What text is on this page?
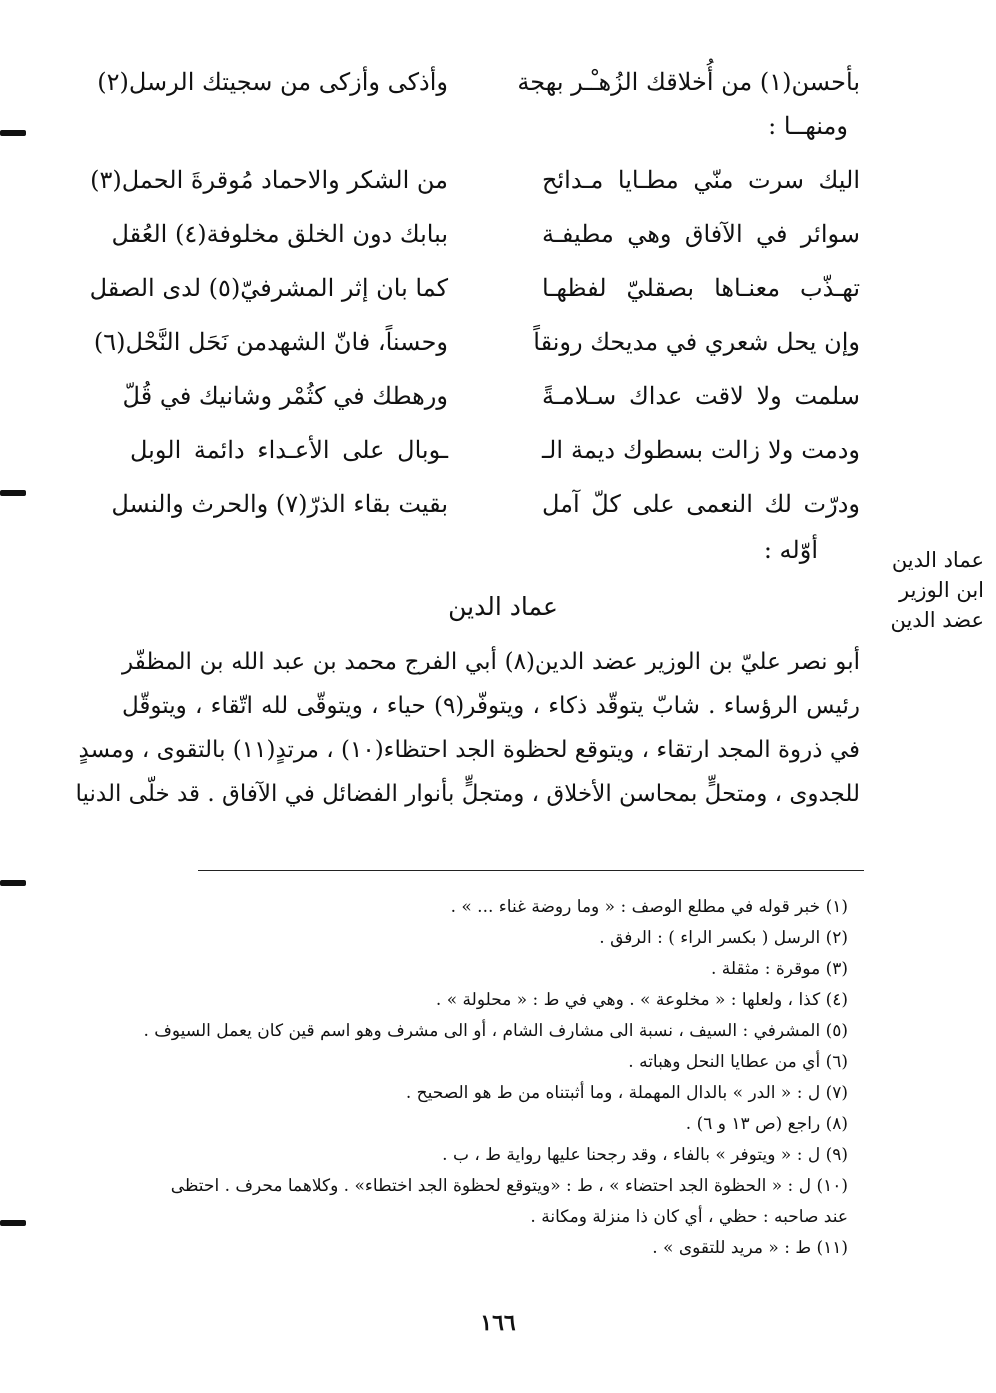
بأحسن(١) من أُخلاقك الزُهـْـر بهجة
وأذكى وأزكى من سجيتك الرسل(٢)
ومنهــا :
اليك سرت منّي مطـايا مـدائح
من الشكر والاحماد مُوقرةَ الحمل(٣)
سوائر في الآفاق وهي مطيفـة
ببابك دون الخلق مخلوفة(٤) العُقل
تهـذّب معنـاها بصقليّ لفظهـا
كما بان إثر المشرفيّ(٥) لدى الصقل
وإن يحل شعري في مديحك رونقاً
وحسناً، فانّ الشهدمن نَحَل النَّحْل(٦)
سلمت ولا لاقت عداك سـلامـةً
ورهطك في كثُمْر وشانيك في قُلّ
ودمت ولا زالت بسطوك ديمة الـ
ـوبال على الأعـداء دائمة الوبل
ودرّت لك النعمى على كلّ آمل
بقيت بقاء الذرّ(٧) والحرث والنسل
أوّله :	عماد الدين
ابن الوزير
عضد الدين
عماد الدين
أبو نصر عليّ بن الوزير عضد الدين(٨) أبي الفرج محمد بن عبد الله بن المظفّر
رئيس الرؤساء . شابّ يتوقّد ذكاء ، ويتوفّر(٩) حياء ، ويتوقّى لله اتّقاء ، ويتوقّل
في ذروة المجد ارتقاء ، ويتوقع لحظوة الجد احتظاء(١٠) ، مرتدٍ(١١) بالتقوى ، ومسدٍ
للجدوى ، ومتحلٍّ بمحاسن الأخلاق ، ومتجلٍّ بأنوار الفضائل في الآفاق . قد خلّى الدنيا
(١) خبر قوله في مطلع الوصف : « وما روضة غناء ... » .
(٢) الرسل ( بكسر الراء ) : الرفق .
(٣) موقرة : مثقلة .
(٤) كذا ، ولعلها : « مخلوعة » . وهي في ط : « محلولة » .
(٥) المشرفي : السيف ، نسبة الى مشارف الشام ، أو الى مشرف وهو اسم قين كان يعمل السيوف .
(٦) أي من عطايا النحل وهباته .
(٧) ل : « الدر » بالدال المهملة ، وما أثبتناه من ط هو الصحيح .
(٨) راجع (ص ١٣ و ٦) .
(٩) ل : « ويتوفر » بالفاء ، وقد رجحنا عليها رواية ط ، ب .
(١٠) ل : « الحظوة الجد احتضاء » ، ط : «ويتوقع لحظوة الجد اختطاء» . وكلاهما محرف . احتظى
عند صاحبه : حظي ، أي كان ذا منزلة ومكانة .
(١١) ط : « مريد للتقوى » .
١٦٦
